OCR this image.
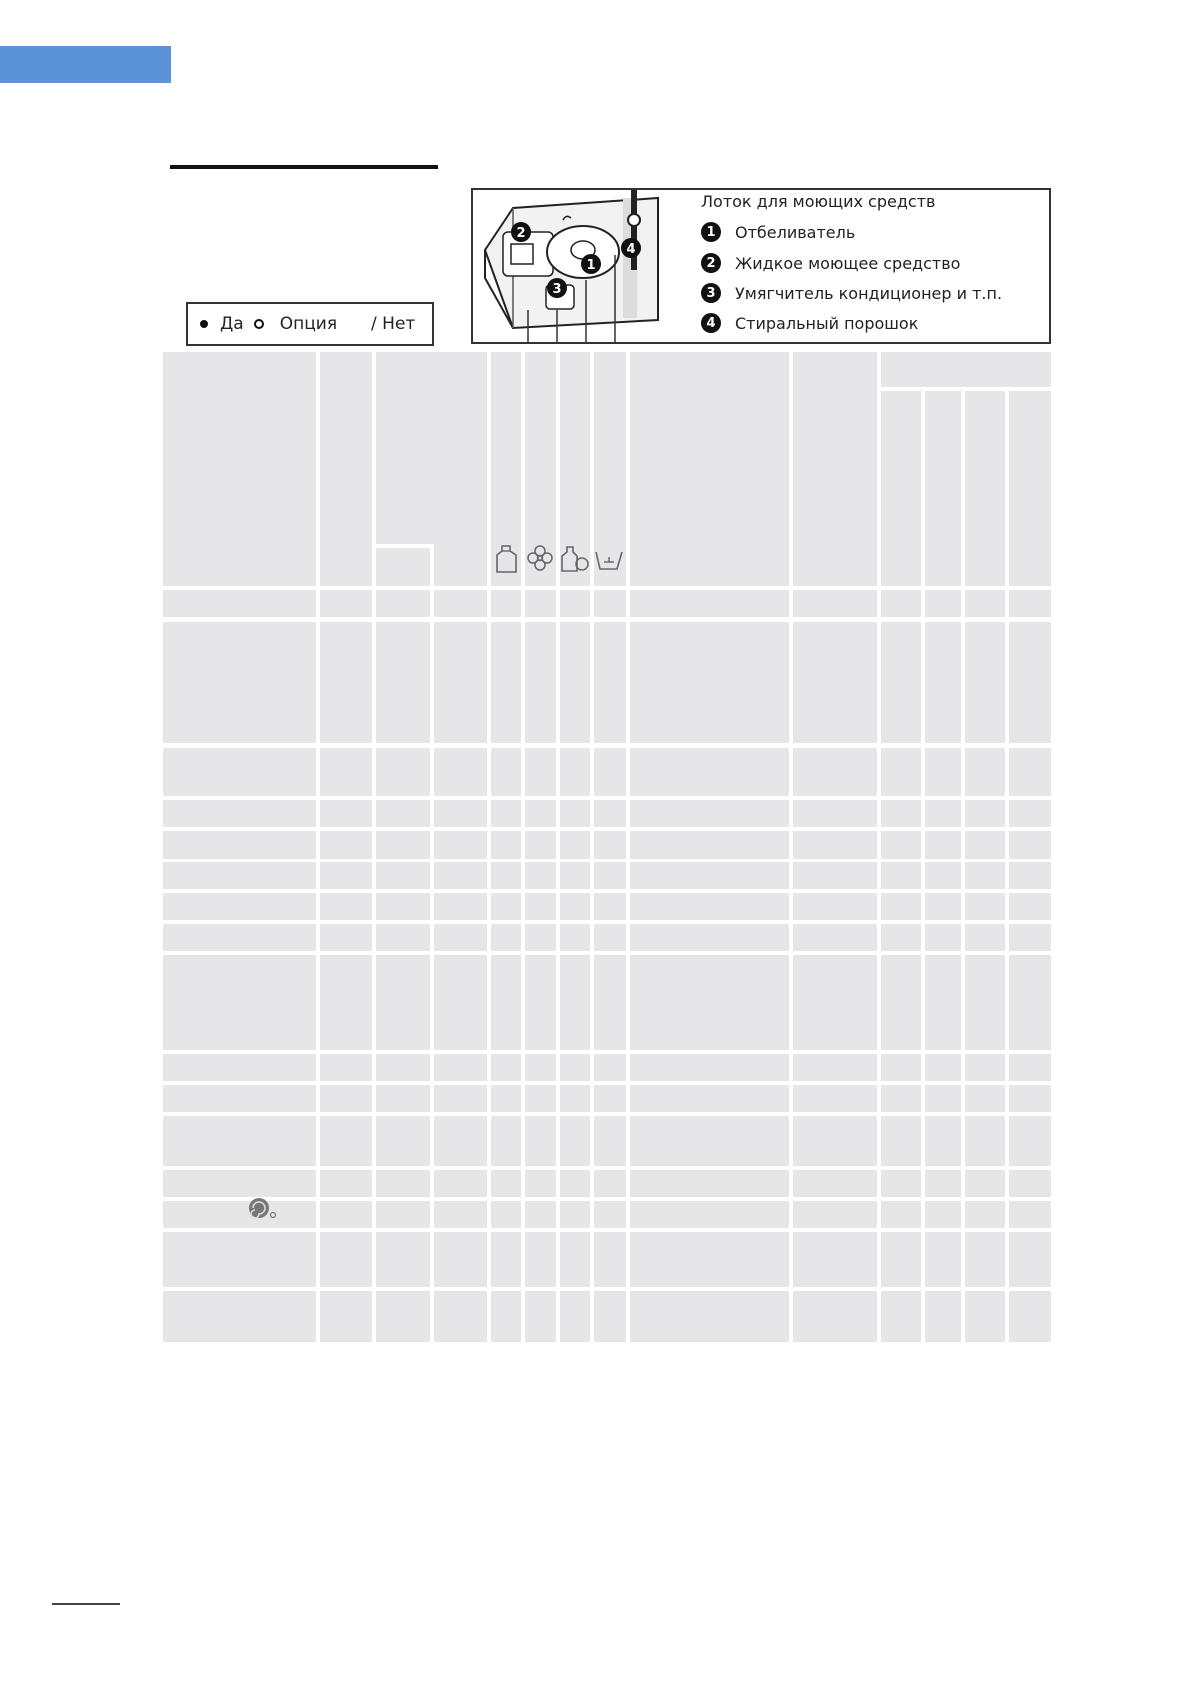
Да Опция / Нет
2
1
3
4
Лоток для моющих средств
1	Отбеливатель
2	Жидкое моющее средство
3	Умягчитель кондиционер и т.п.
4	Стиральный порошок
